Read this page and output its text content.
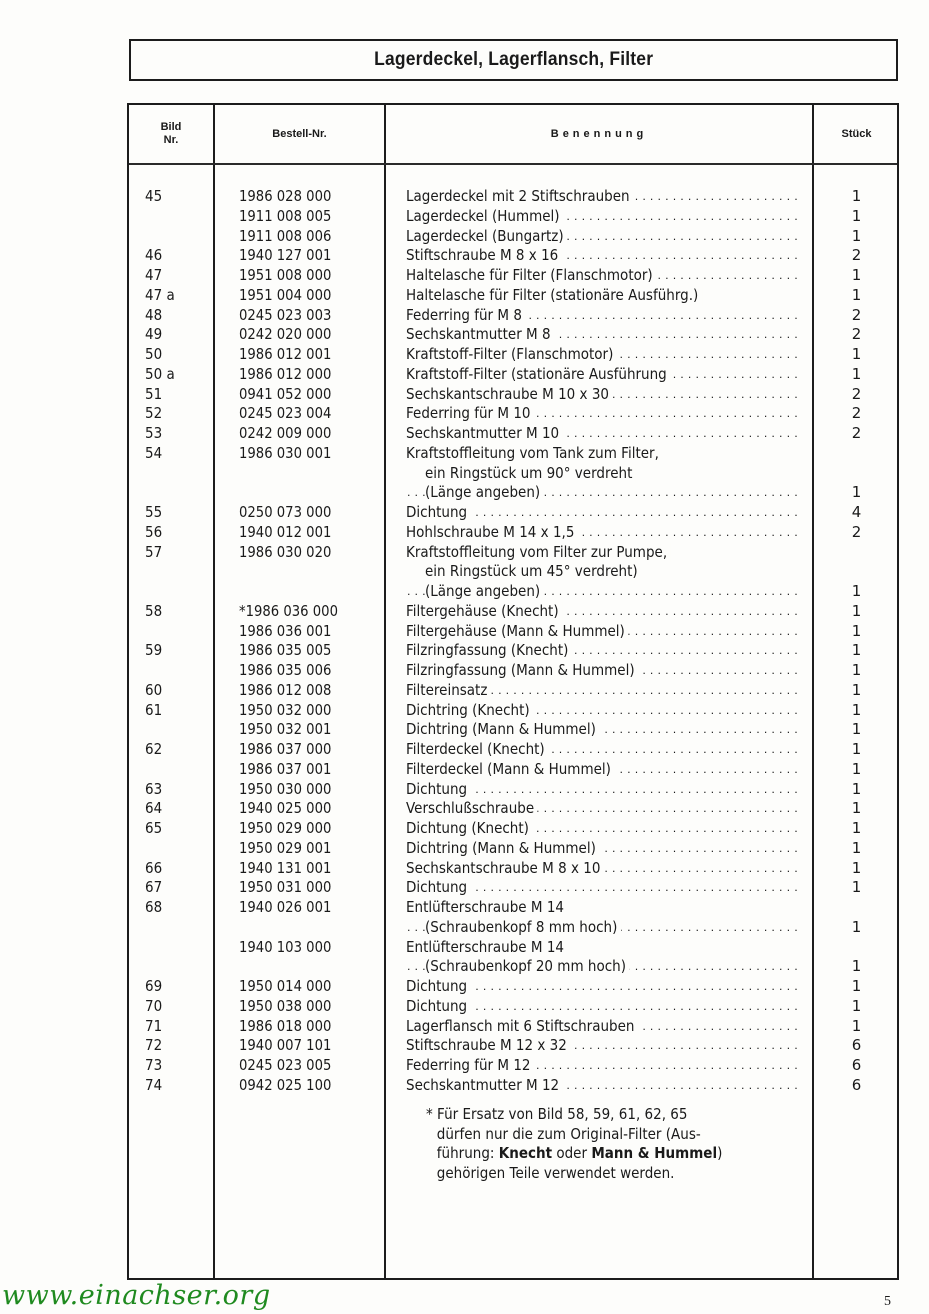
Lagerdeckel, Lagerflansch, Filter
Bild
Nr.
Bestell-Nr.	Benennung	Stück
45	1986 028 000	Lagerdeckel mit 2 Stiftschrauben . . .	1
1911 008 005	Lagerdeckel (Hummel) . . .	1
1911 008 006	Lagerdeckel (Bungartz) . . .	1
46	1940 127 001	Stiftschraube M 8 x 16 . . .	2
47	1951 008 000	Haltelasche für Filter (Flanschmotor) . . .	1
47 a	1951 004 000	Haltelasche für Filter (stationäre Ausführg.)	1
48	0245 023 003	Federring für M 8 . . .	2
49	0242 020 000	Sechskantmutter M 8 . . .	2
50	1986 012 001	Kraftstoff-Filter (Flanschmotor) . . .	1
50 a	1986 012 000	Kraftstoff-Filter (stationäre Ausführung . . .	1
51	0941 052 000	Sechskantschraube M 10 x 30 . . .	2
52	0245 023 004	Federring für M 10 . . .	2
53	0242 009 000	Sechskantmutter M 10 . . .	2
54	1986 030 001	Kraftstoffleitung vom Tank zum Filter,
ein Ringstück um 90° verdreht
(Länge angeben) . . .	1
55	0250 073 000	Dichtung . . .	4
56	1940 012 001	Hohlschraube M 14 x 1,5 . . .	2
57	1986 030 020	Kraftstoffleitung vom Filter zur Pumpe,
ein Ringstück um 45° verdreht)
(Länge angeben) . . .	1
58	*1986 036 000	Filtergehäuse (Knecht) . . .	1
1986 036 001	Filtergehäuse (Mann & Hummel) . . .	1
59	1986 035 005	Filzringfassung (Knecht) . . .	1
1986 035 006	Filzringfassung (Mann & Hummel) . . .	1
60	1986 012 008	Filtereinsatz . . .	1
61	1950 032 000	Dichtring (Knecht) . . .	1
1950 032 001	Dichtring (Mann & Hummel) . . .	1
62	1986 037 000	Filterdeckel (Knecht) . . .	1
1986 037 001	Filterdeckel (Mann & Hummel) . . .	1
63	1950 030 000	Dichtung . . .	1
64	1940 025 000	Verschlußschraube . . .	1
65	1950 029 000	Dichtung (Knecht) . . .	1
1950 029 001	Dichtring (Mann & Hummel) . . .	1
66	1940 131 001	Sechskantschraube M 8 x 10 . . .	1
67	1950 031 000	Dichtung . . .	1
68	1940 026 001	Entlüfterschraube M 14
(Schraubenkopf 8 mm hoch) . . .	1
1940 103 000	Entlüfterschraube M 14
(Schraubenkopf 20 mm hoch) . . .	1
69	1950 014 000	Dichtung . . .	1
70	1950 038 000	Dichtung . . .	1
71	1986 018 000	Lagerflansch mit 6 Stiftschrauben . . .	1
72	1940 007 101	Stiftschraube M 12 x 32 . . .	6
73	0245 023 005	Federring für M 12 . . .	6
74	0942 025 100	Sechskantmutter M 12 . . .	6
* Für Ersatz von Bild 58, 59, 61, 62, 65
dürfen nur die zum Original-Filter (Aus-
führung: Knecht oder Mann & Hummel)
gehörigen Teile verwendet werden.
www.einachser.org	5
